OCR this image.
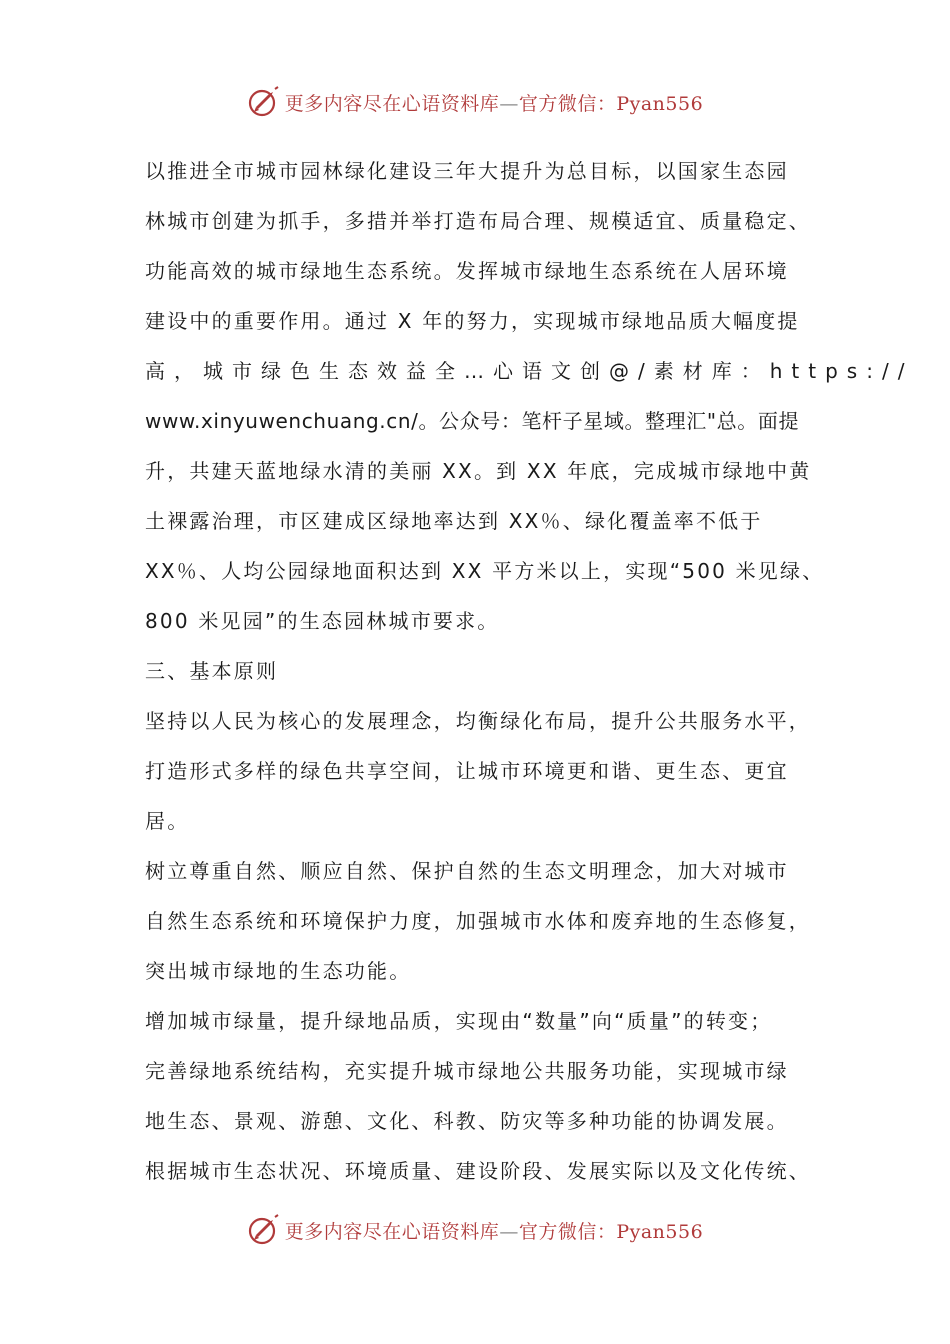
更多内容尽在心语资料库—官方微信：Pyan556
以推进全市城市园林绿化建设三年大提升为总目标，以国家生态园
林城市创建为抓手，多措并举打造布局合理、规模适宜、质量稳定、
功能高效的城市绿地生态系统。发挥城市绿地生态系统在人居环境
建设中的重要作用。通过 X 年的努力，实现城市绿地品质大幅度提
高，城市绿色生态效益全…心语文创@/素材库：https://
www.xinyuwenchuang.cn/。公众号：笔杆子星域。整理汇"总。面提
升，共建天蓝地绿水清的美丽 XX。到 XX 年底，完成城市绿地中黄
土裸露治理，市区建成区绿地率达到 XX％、绿化覆盖率不低于
XX％、人均公园绿地面积达到 XX 平方米以上，实现“500 米见绿、
800 米见园”的生态园林城市要求。
三、基本原则
坚持以人民为核心的发展理念，均衡绿化布局，提升公共服务水平，
打造形式多样的绿色共享空间，让城市环境更和谐、更生态、更宜
居。
树立尊重自然、顺应自然、保护自然的生态文明理念，加大对城市
自然生态系统和环境保护力度，加强城市水体和废弃地的生态修复，
突出城市绿地的生态功能。
增加城市绿量，提升绿地品质，实现由“数量”向“质量”的转变；
完善绿地系统结构，充实提升城市绿地公共服务功能，实现城市绿
地生态、景观、游憩、文化、科教、防灾等多种功能的协调发展。
根据城市生态状况、环境质量、建设阶段、发展实际以及文化传统、
更多内容尽在心语资料库—官方微信：Pyan556
